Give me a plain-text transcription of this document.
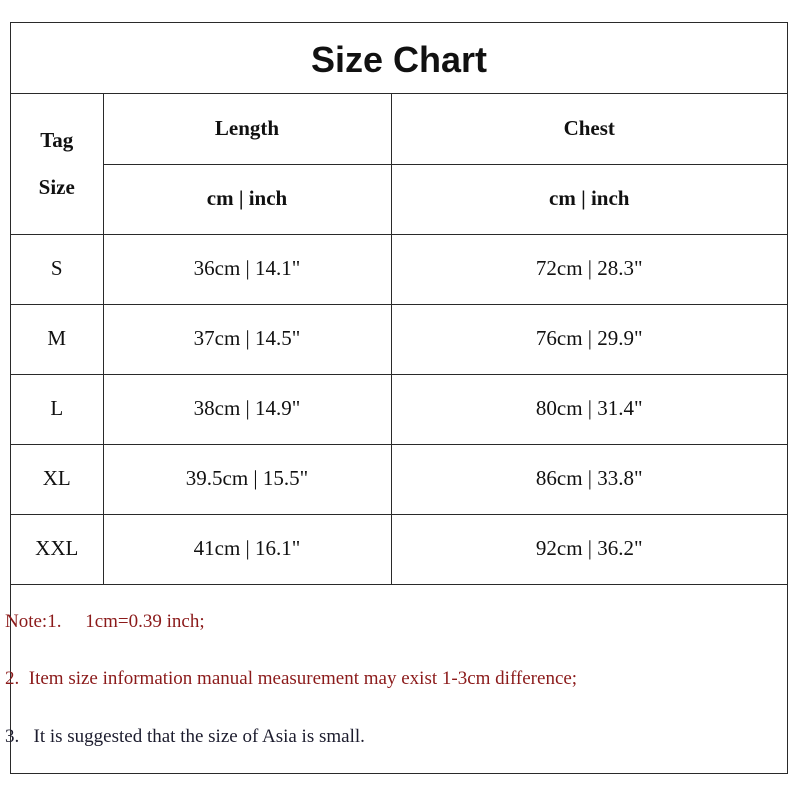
Size Chart
Tag
Size	Length	Chest
	cm | inch	cm | inch
S	36cm | 14.1"	72cm | 28.3"
M	37cm | 14.5"	76cm | 29.9"
L	38cm | 14.9"	80cm | 31.4"
XL	39.5cm | 15.5"	86cm | 33.8"
XXL	41cm | 16.1"	92cm | 36.2"
Note:1.     1cm=0.39 inch;
2.  Item size information manual measurement may exist 1-3cm difference;
3.   It is suggested that the size of Asia is small.
